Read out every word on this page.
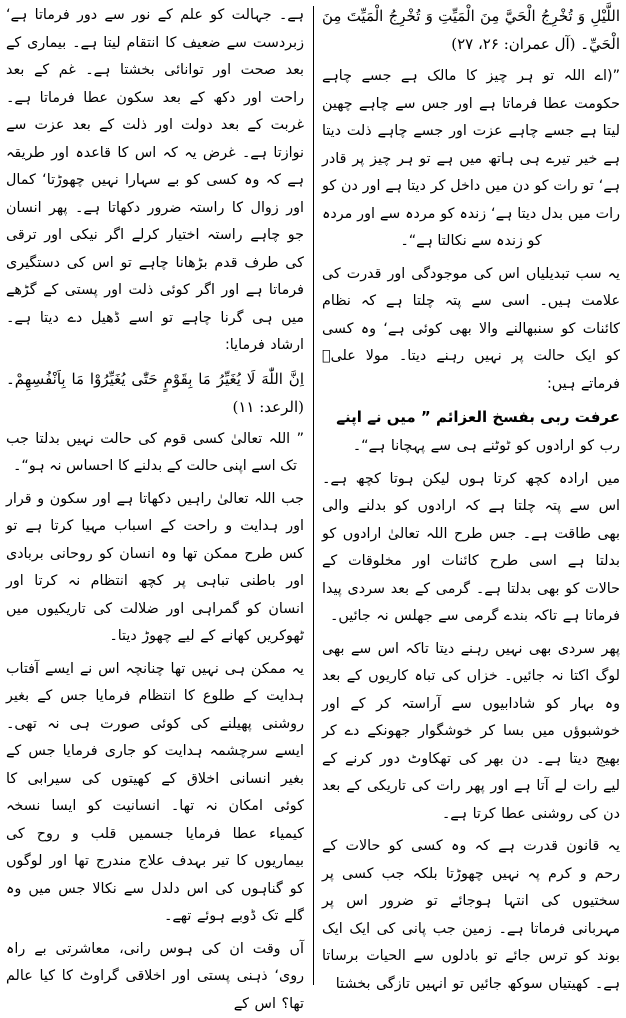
اللَّيْلِ وَ تُخْرِجُ الْحَيَّ مِنَ الْمَيِّتِ وَ تُخْرِجُ الْمَيِّتَ مِنَ الْحَيِّ۔ (آل عمران: ۲۶، ۲۷)

”(اے اللہ تو ہر چیز کا مالک ہے جسے چاہے حکومت عطا فرماتا ہے اور جس سے چاہے چھین لیتا ہے جسے چاہے عزت اور جسے چاہے ذلت دیتا ہے خیر تیرے ہی ہاتھ میں ہے تو ہر چیز پر قادر ہے‘ تو رات کو دن میں داخل کر دیتا ہے اور دن کو رات میں بدل دیتا ہے‘ زندہ کو مردہ سے اور مردہ کو زندہ سے نکالتا ہے“۔

یہ سب تبدیلیاں اس کی موجودگی اور قدرت کی علامت ہیں۔ اسی سے پتہ چلتا ہے کہ نظام کائنات کو سنبھالنے والا بھی کوئی ہے‘ وہ کسی کو ایک حالت پر نہیں رہنے دیتا۔ مولا علیؑ فرماتے ہیں:

عرفت ربی بفسخ العزائم ” میں نے اپنے

رب کو ارادوں کو ٹوٹنے ہی سے پہچانا ہے“۔

میں ارادہ کچھ کرتا ہوں لیکن ہوتا کچھ ہے۔ اس سے پتہ چلتا ہے کہ ارادوں کو بدلنے والی بھی طاقت ہے۔ جس طرح اللہ تعالیٰ ارادوں کو بدلتا ہے اسی طرح کائنات اور مخلوقات کے حالات کو بھی بدلتا ہے۔ گرمی کے بعد سردی پیدا فرماتا ہے تاکہ بندے گرمی سے جھلس نہ جائیں۔

پھر سردی بھی نہیں رہنے دیتا تاکہ اس سے بھی لوگ اکتا نہ جائیں۔ خزاں کی تباہ کاریوں کے بعد وہ بہار کو شادابیوں سے آراستہ کر کے اور خوشبوؤں میں بسا کر خوشگوار جھونکے دے کر بھیج دیتا ہے۔ دن بھر کی تھکاوٹ دور کرنے کے لیے رات لے آتا ہے اور پھر رات کی تاریکی کے بعد دن کی روشنی عطا کرتا ہے۔

یہ قانون قدرت ہے کہ وہ کسی کو حالات کے رحم و کرم پہ نہیں چھوڑتا بلکہ جب کسی پر سختیوں کی انتہا ہوجائے تو ضرور اس پر مہربانی فرماتا ہے۔ زمین جب پانی کی ایک ایک بوند کو ترس جائے تو بادلوں سے الحیات برساتا ہے۔ کھیتیاں سوکھ جائیں تو انہیں تازگی بخشتا

ہے۔ جہالت کو علم کے نور سے دور فرماتا ہے‘ زبردست سے ضعیف کا انتقام لیتا ہے۔ بیماری کے بعد صحت اور توانائی بخشتا ہے۔ غم کے بعد راحت اور دکھ کے بعد سکون عطا فرماتا ہے۔ غربت کے بعد دولت اور ذلت کے بعد عزت سے نوازتا ہے۔ غرض یہ کہ اس کا قاعدہ اور طریقہ ہے کہ وہ کسی کو بے سہارا نہیں چھوڑتا‘ کمال اور زوال کا راستہ ضرور دکھاتا ہے۔ پھر انسان جو چاہے راستہ اختیار کرلے اگر نیکی اور ترقی کی طرف قدم بڑھانا چاہے تو اس کی دستگیری فرماتا ہے اور اگر کوئی ذلت اور پستی کے گڑھے میں ہی گرنا چاہے تو اسے ڈھیل دے دیتا ہے۔ ارشاد فرمایا:

اِنَّ اللّٰهَ لَا يُغَيِّرُ مَا بِقَوْمٍ حَتّٰى يُغَيِّرُوْا مَا بِاَنْفُسِهِمْ۔ (الرعد: ۱۱)

” اللہ تعالیٰ کسی قوم کی حالت نہیں بدلتا جب تک اسے اپنی حالت کے بدلنے کا احساس نہ ہو“۔

جب اللہ تعالیٰ راہیں دکھاتا ہے اور سکون و قرار اور ہدایت و راحت کے اسباب مہیا کرتا ہے تو کس طرح ممکن تھا وہ انسان کو روحانی بربادی اور باطنی تباہی پر کچھ انتظام نہ کرتا اور انسان کو گمراہی اور ضلالت کی تاریکیوں میں ٹھوکریں کھانے کے لیے چھوڑ دیتا۔

یہ ممکن ہی نہیں تھا چنانچہ اس نے ایسے آفتاب ہدایت کے طلوع کا انتظام فرمایا جس کے بغیر روشنی پھیلنے کی کوئی صورت ہی نہ تھی۔ ایسے سرچشمہ ہدایت کو جاری فرمایا جس کے بغیر انسانی اخلاق کے کھیتوں کی سیرابی کا کوئی امکان نہ تھا۔ انسانیت کو ایسا نسخہ کیمیاء عطا فرمایا جسمیں قلب و روح کی بیماریوں کا تیر بہدف علاج مندرج تھا اور لوگوں کو گناہوں کی اس دلدل سے نکالا جس میں وہ گلے تک ڈوبے ہوئے تھے۔

آں وقت ان کی ہوس رانی، معاشرتی بے راہ روی‘ ذہنی پستی اور اخلاقی گراوٹ کا کیا عالم تھا؟ اس کے
